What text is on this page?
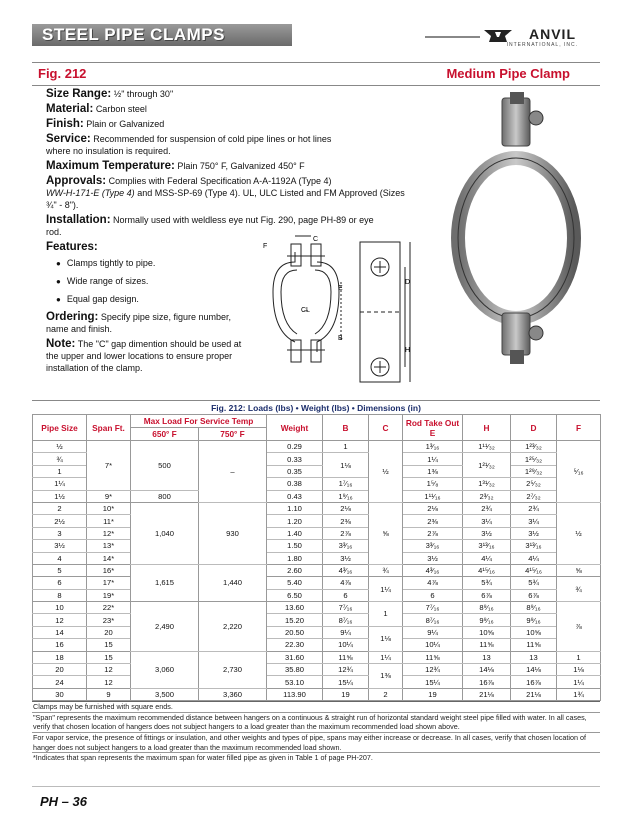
STEEL PIPE CLAMPS	ANVIL
INTERNATIONAL, INC.
Fig. 212	Medium Pipe Clamp

Size Range: ½" through 30"

Material: Carbon steel

Finish: Plain or Galvanized

Service: Recommended for suspension of cold pipe lines or hot lines where no insulation is required.

Maximum Temperature: Plain 750° F, Galvanized 450° F

Approvals: Complies with Federal Specification A-A-1192A (Type 4)
WW-H-171-E (Type 4) and MSS-SP-69 (Type 4). UL, ULC Listed and FM Approved (Sizes ¾" - 8").

Installation: Normally used with weldless eye nut Fig. 290, page PH-89 or eye rod.

Features:

● Clamps tightly to pipe.
● Wide range of sizes.
● Equal gap design.

Ordering: Specify pipe size, figure number, name and finish.

Note: The "C" gap dimention should be used at the upper and lower locations to ensure proper installation of the clamp.

C
F
E
D
B
H
C̶L
Fig. 212: Loads (lbs) • Weight (lbs) • Dimensions (in)
Pipe Size	Span Ft.	Max Load For Service Temp		Weight	B	C	Rod Take Out E	H	D	F
		650° F	750° F							
½	7*	500	–	0.29	1	½	1³⁄₁₆	1¹¹⁄₃₂	1²³⁄₃₂	⁵⁄₁₆
¾				0.33	1⅛		1¼	1²¹⁄₃₂	1²⁵⁄₃₂	
1				0.35			1⅜		1²⁹⁄₃₂	
1¼				0.38	1⁷⁄₁₆		1⁵⁄₈	1³¹⁄₃₂	2⁵⁄₃₂	
1½	9*	800		0.43	1⁹⁄₁₆		1¹¹⁄₁₆	2³⁄₃₂	2⁷⁄₃₂	
2	10*	1,040	930	1.10	2⅛	⅝	2⅛	2¾	2¾	½
2½	11*			1.20	2⅜		2⅜	3¼	3¼	
3	12*			1.40	2⅞		2⅞	3½	3½	
3½	13*			1.50	3³⁄₁₆		3³⁄₁₆	3¹³⁄₁₆	3¹³⁄₁₆	
4	14*			1.80	3½		3½	4¼	4¼	
5	16*	1,615	1,440	2.60	4³⁄₁₆	¾	4³⁄₁₆	4¹⁵⁄₁₆	4¹⁵⁄₁₆	⅝
6	17*			5.40	4⅞	1¼	4⅞	5¾	5¾	¾
8	19*			6.50	6		6	6⅞	6⅞	
10	22*	2,490	2,220	13.60	7⁷⁄₁₆	1	7⁷⁄₁₆	8⁹⁄₁₆	8⁹⁄₁₆	⅞
12	23*			15.20	8⁷⁄₁₆		8⁷⁄₁₆	9⁹⁄₁₆	9⁹⁄₁₆	
14	20			20.50	9¼	1⅛	9¼	10⅝	10⅝	
16	15			22.30	10¼		10¼	11⅝	11⅝	
18	15	3,060	2,730	31.60	11⅝	1¼	11⅝	13	13	1
20	12			35.80	12¾	1⅜	12¾	14⅛	14⅛	1⅛
24	12			53.10	15¼		15¼	16⅞	16⅞	1¼
30	9	3,500	3,360	113.90	19	2	19	21⅛	21⅛	1¾

Clamps may be furnished with square ends.

"Span" represents the maximum recommended distance between hangers on a continuous & straight run of horizontal standard weight steel pipe filled with water. In all cases, verify that chosen location of hangers does not subject hangers to a load greater than the maximum recommended load shown above.

For vapor service, the presence of fittings or insulation, and other weights and types of pipe, spans may either increase or decrease. In all cases, verify that chosen location of hanger does not subject hangers to a load greater than the maximum recommended load shown.

*Indicates that span represents the maximum span for water filled pipe as given in Table 1 of page PH-207.

PH – 36
